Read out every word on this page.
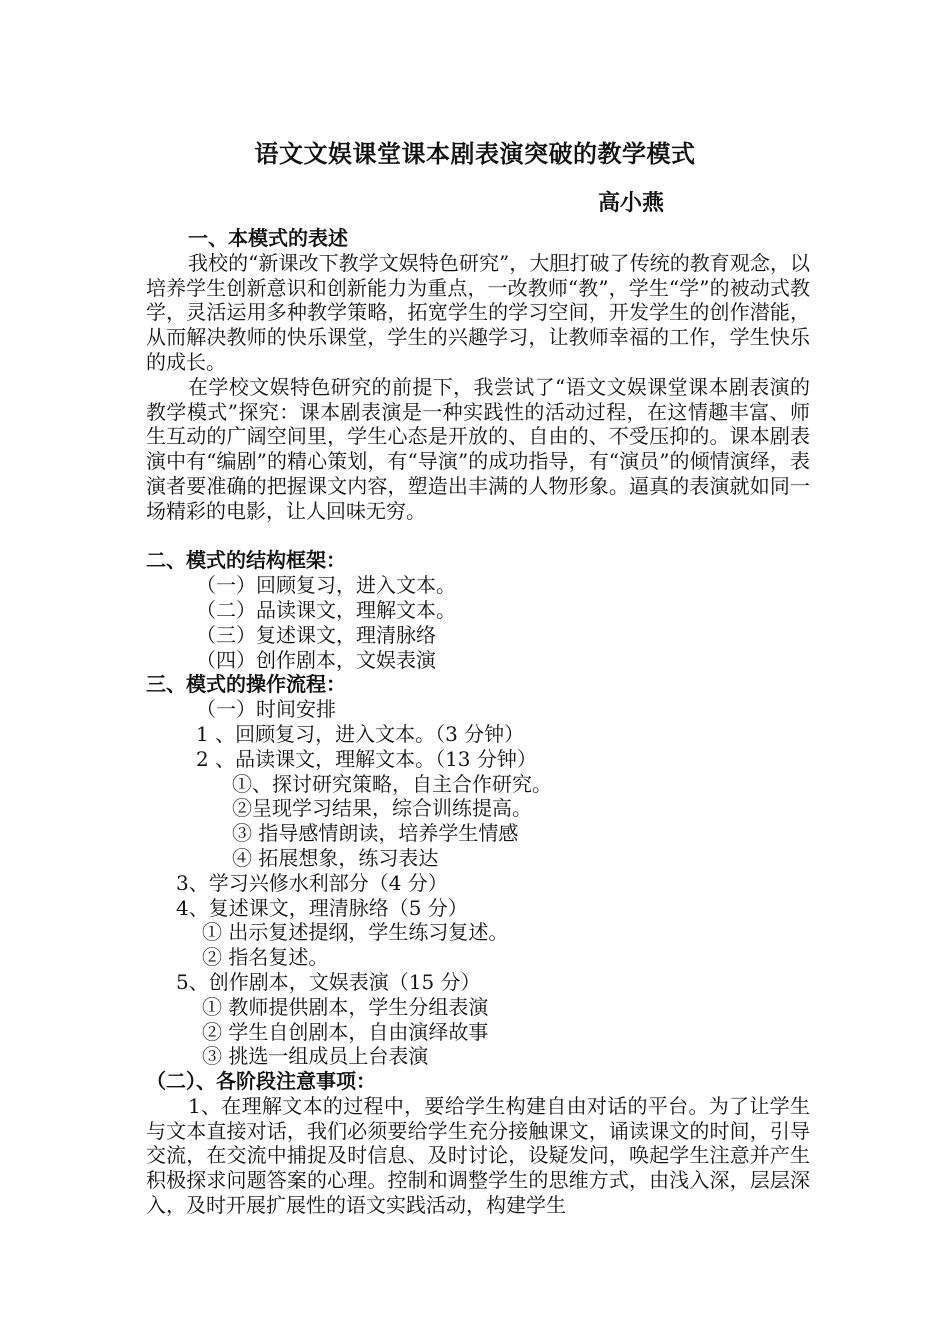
语文文娱课堂课本剧表演突破的教学模式
高小燕

一、本模式的表述

我校的“新课改下教学文娱特色研究”，大胆打破了传统的教育观念，以培养学生创新意识和创新能力为重点，一改教师“教”，学生“学”的被动式教学，灵活运用多种教学策略，拓宽学生的学习空间，开发学生的创作潜能，从而解决教师的快乐课堂，学生的兴趣学习，让教师幸福的工作，学生快乐的成长。

在学校文娱特色研究的前提下，我尝试了“语文文娱课堂课本剧表演的教学模式”探究：课本剧表演是一种实践性的活动过程，在这情趣丰富、师生互动的广阔空间里，学生心态是开放的、自由的、不受压抑的。课本剧表演中有“编剧”的精心策划，有“导演”的成功指导，有“演员”的倾情演绎，表演者要准确的把握课文内容，塑造出丰满的人物形象。逼真的表演就如同一场精彩的电影，让人回味无穷。

二、模式的结构框架：

（一）回顾复习，进入文本。

（二）品读课文，理解文本。

（三）复述课文，理清脉络

（四）创作剧本，文娱表演

三、模式的操作流程：

（一）时间安排

1 、回顾复习，进入文本。（3 分钟）

2 、品读课文，理解文本。（13 分钟）

①、探讨研究策略，自主合作研究。

②呈现学习结果，综合训练提高。

③ 指导感情朗读，培养学生情感

④ 拓展想象，练习表达

3、学习兴修水利部分（4 分）

4、复述课文，理清脉络（5 分）

① 出示复述提纲，学生练习复述。

② 指名复述。

5、创作剧本，文娱表演（15 分）

① 教师提供剧本，学生分组表演

② 学生自创剧本，自由演绎故事

③ 挑选一组成员上台表演

（二）、各阶段注意事项：

1、在理解文本的过程中，要给学生构建自由对话的平台。为了让学生与文本直接对话，我们必须要给学生充分接触课文，诵读课文的时间，引导交流，在交流中捕捉及时信息、及时讨论，设疑发问，唤起学生注意并产生积极探求问题答案的心理。控制和调整学生的思维方式，由浅入深，层层深入，及时开展扩展性的语文实践活动，构建学生
